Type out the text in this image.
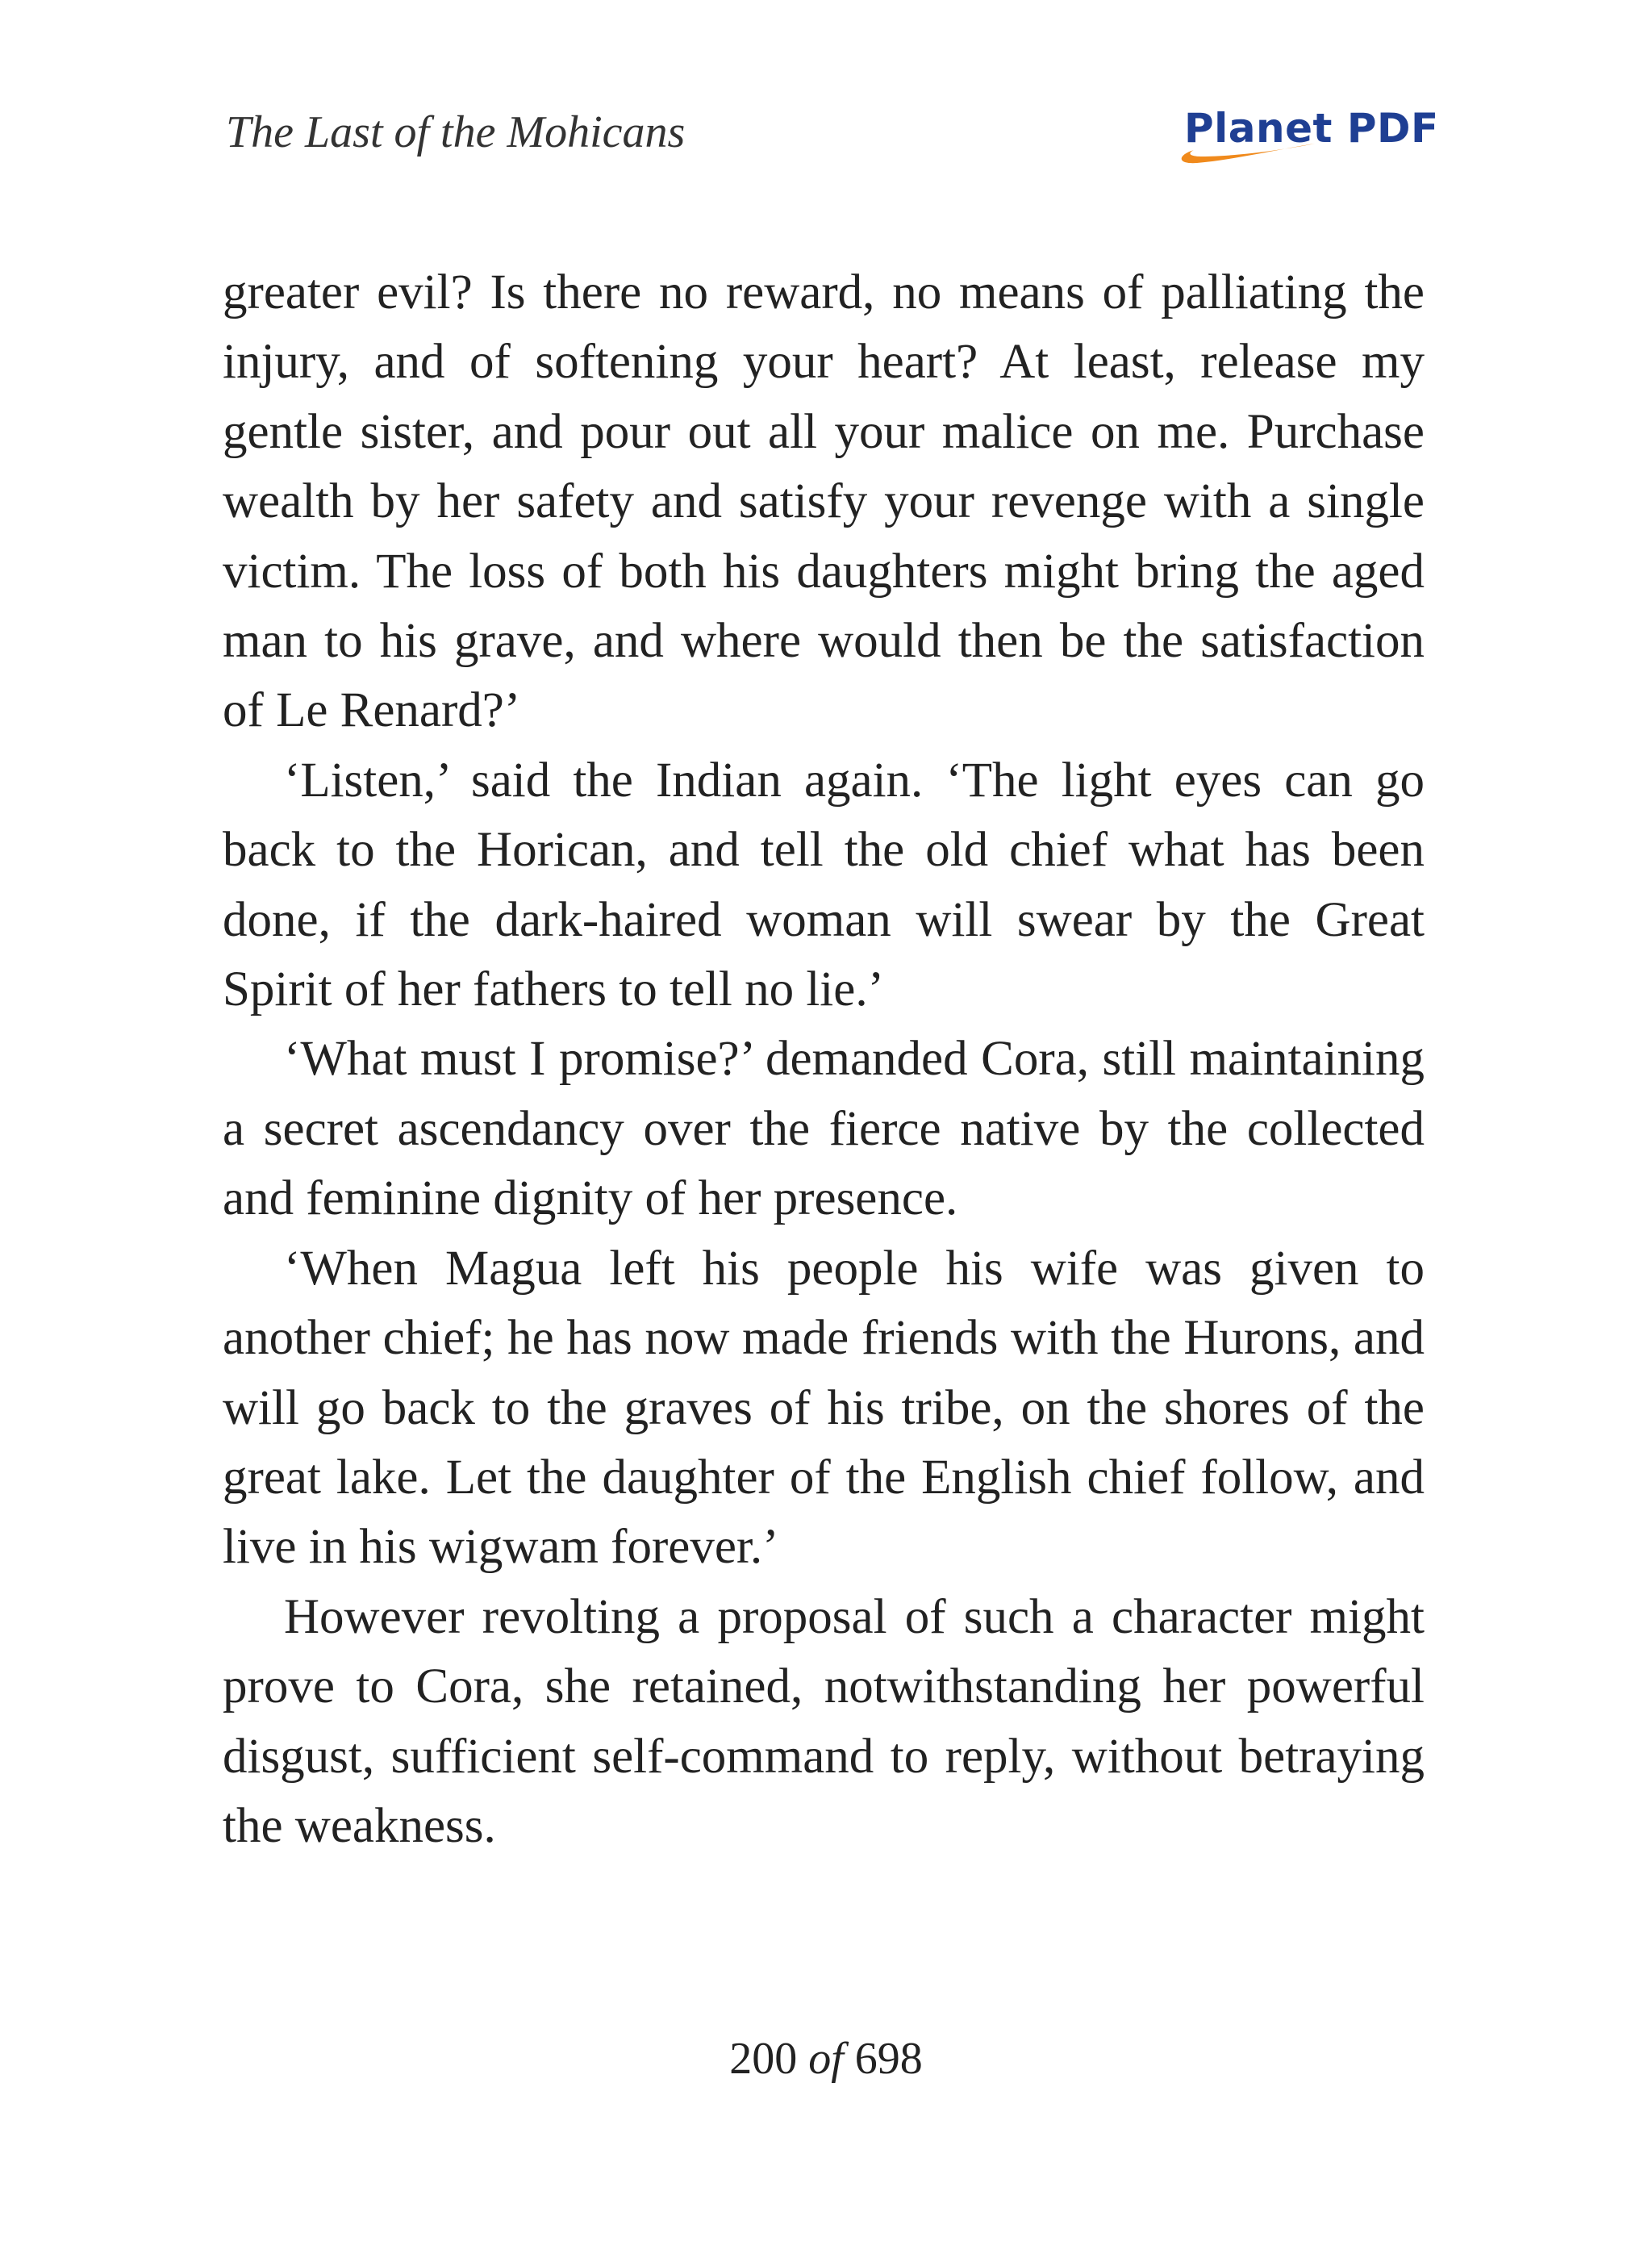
The Last of the Mohicans	Planet PDF

greater evil? Is there no reward, no means of palliating the injury, and of softening your heart? At least, release my gentle sister, and pour out all your malice on me. Purchase wealth by her safety and satisfy your revenge with a single victim. The loss of both his daughters might bring the aged man to his grave, and where would then be the satisfaction of Le Renard?’

‘Listen,’ said the Indian again. ‘The light eyes can go back to the Horican, and tell the old chief what has been done, if the dark-haired woman will swear by the Great Spirit of her fathers to tell no lie.’

‘What must I promise?’ demanded Cora, still maintaining a secret ascendancy over the fierce native by the collected and feminine dignity of her presence.

‘When Magua left his people his wife was given to another chief; he has now made friends with the Hurons, and will go back to the graves of his tribe, on the shores of the great lake. Let the daughter of the English chief follow, and live in his wigwam forever.’

However revolting a proposal of such a character might prove to Cora, she retained, notwithstanding her powerful disgust, sufficient self-command to reply, without betraying the weakness.

200 of 698
